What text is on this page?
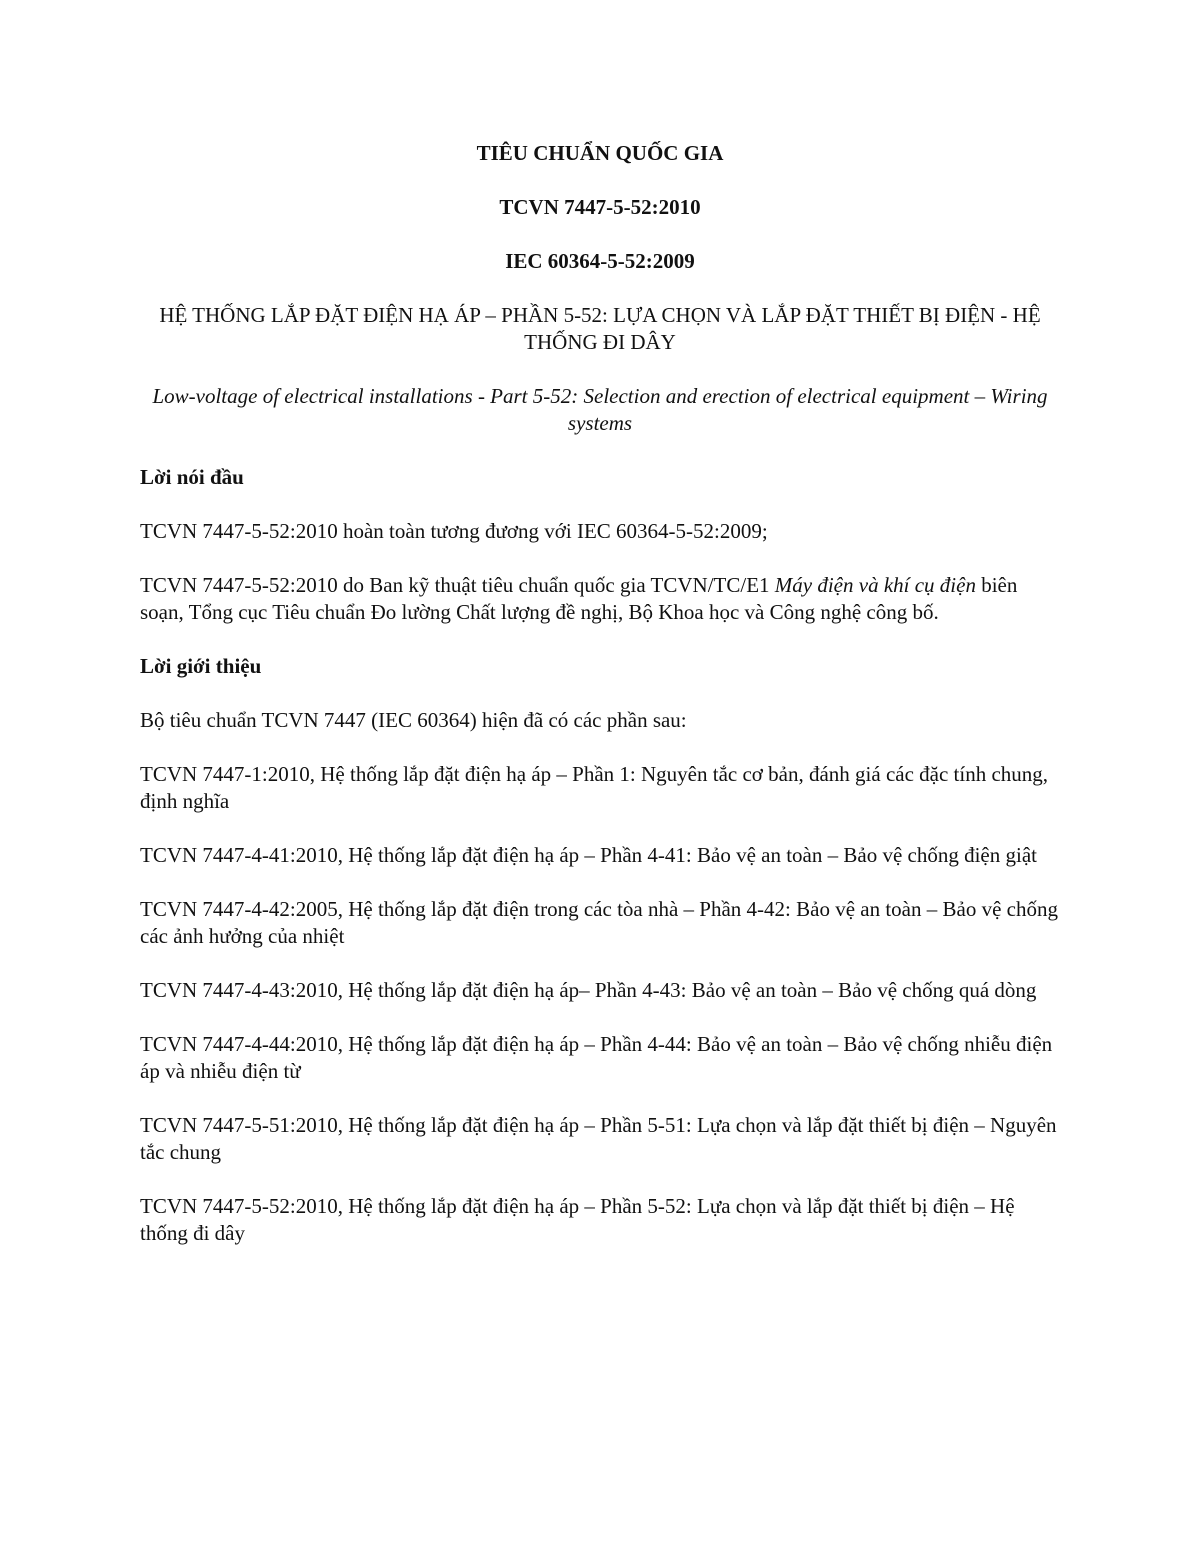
TIÊU CHUẨN QUỐC GIA

TCVN 7447-5-52:2010

IEC 60364-5-52:2009

HỆ THỐNG LẮP ĐẶT ĐIỆN HẠ ÁP – PHẦN 5-52: LỰA CHỌN VÀ LẮP ĐẶT THIẾT BỊ ĐIỆN - HỆ THỐNG ĐI DÂY

Low-voltage of electrical installations - Part 5-52: Selection and erection of electrical equipment – Wiring systems

Lời nói đầu

TCVN 7447-5-52:2010 hoàn toàn tương đương với IEC 60364-5-52:2009;

TCVN 7447-5-52:2010 do Ban kỹ thuật tiêu chuẩn quốc gia TCVN/TC/E1 Máy điện và khí cụ điện biên soạn, Tổng cục Tiêu chuẩn Đo lường Chất lượng đề nghị, Bộ Khoa học và Công nghệ công bố.

Lời giới thiệu

Bộ tiêu chuẩn TCVN 7447 (IEC 60364) hiện đã có các phần sau:

TCVN 7447-1:2010, Hệ thống lắp đặt điện hạ áp – Phần 1: Nguyên tắc cơ bản, đánh giá các đặc tính chung, định nghĩa

TCVN 7447-4-41:2010, Hệ thống lắp đặt điện hạ áp – Phần 4-41: Bảo vệ an toàn – Bảo vệ chống điện giật

TCVN 7447-4-42:2005, Hệ thống lắp đặt điện trong các tòa nhà – Phần 4-42: Bảo vệ an toàn – Bảo vệ chống các ảnh hưởng của nhiệt

TCVN 7447-4-43:2010, Hệ thống lắp đặt điện hạ áp– Phần 4-43: Bảo vệ an toàn – Bảo vệ chống quá dòng

TCVN 7447-4-44:2010, Hệ thống lắp đặt điện hạ áp – Phần 4-44: Bảo vệ an toàn – Bảo vệ chống nhiễu điện áp và nhiễu điện từ

TCVN 7447-5-51:2010, Hệ thống lắp đặt điện hạ áp – Phần 5-51: Lựa chọn và lắp đặt thiết bị điện – Nguyên tắc chung

TCVN 7447-5-52:2010, Hệ thống lắp đặt điện hạ áp – Phần 5-52: Lựa chọn và lắp đặt thiết bị điện – Hệ thống đi dây
